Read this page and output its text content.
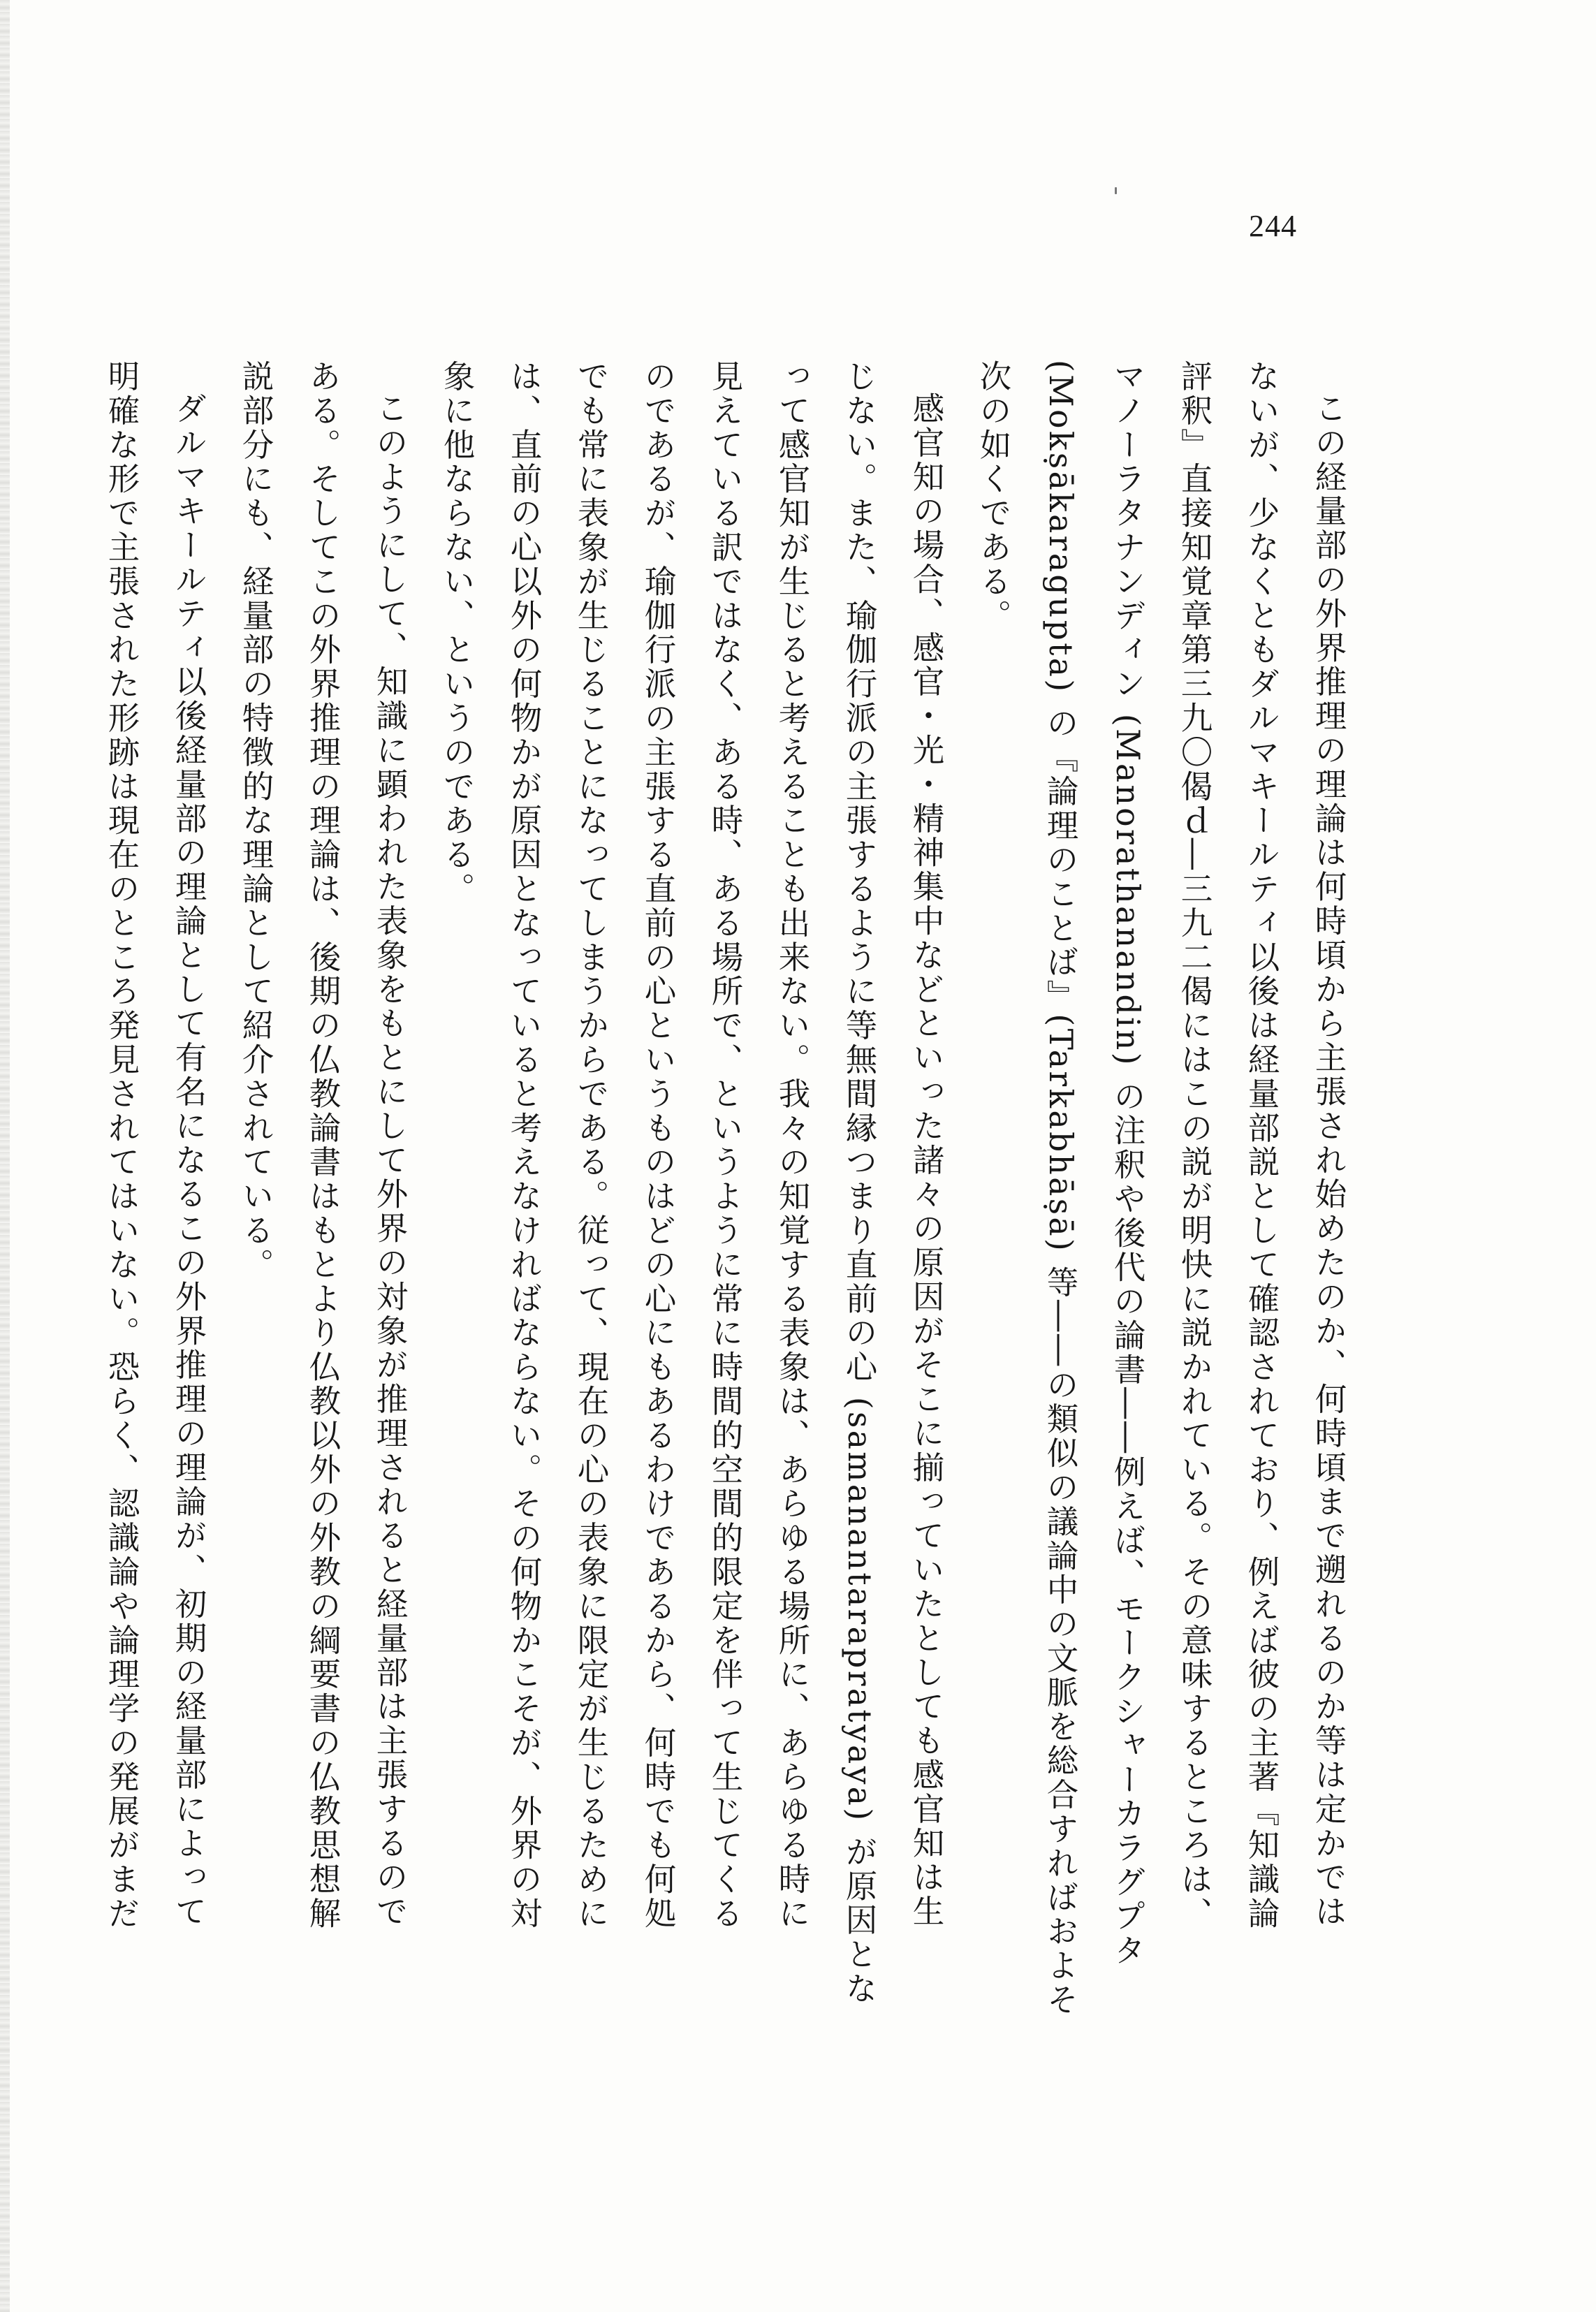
244

この経量部の外界推理の理論は何時頃から主張され始めたのか、何時頃まで遡れるのか等は定かでは
ないが、少なくともダルマキールティ以後は経量部説として確認されており、例えば彼の主著『知識論
評釈』直接知覚章第三九〇偈ｄ―三九二偈にはこの説が明快に説かれている。その意味するところは、
マノーラタナンディン (Manorathanandin) の注釈や後代の論書――例えば、モークシャーカラグプタ
(Mokṣākaragupta) の『論理のことば』(Tarkabhāṣā) 等――の類似の議論中の文脈を総合すればおよそ
次の如くである。

感官知の場合、感官・光・精神集中などといった諸々の原因がそこに揃っていたとしても感官知は生
じない。また、瑜伽行派の主張するように等無間縁つまり直前の心 (samanantarapratyaya) が原因とな
って感官知が生じると考えることも出来ない。我々の知覚する表象は、あらゆる場所に、あらゆる時に
見えている訳ではなく、ある時、ある場所で、というように常に時間的空間的限定を伴って生じてくる
のであるが、瑜伽行派の主張する直前の心というものはどの心にもあるわけであるから、何時でも何処
でも常に表象が生じることになってしまうからである。従って、現在の心の表象に限定が生じるために
は、直前の心以外の何物かが原因となっていると考えなければならない。その何物かこそが、外界の対
象に他ならない、というのである。

このようにして、知識に顕われた表象をもとにして外界の対象が推理されると経量部は主張するので
ある。そしてこの外界推理の理論は、後期の仏教論書はもとより仏教以外の外教の綱要書の仏教思想解
説部分にも、経量部の特徴的な理論として紹介されている。

ダルマキールティ以後経量部の理論として有名になるこの外界推理の理論が、初期の経量部によって
明確な形で主張された形跡は現在のところ発見されてはいない。恐らく、認識論や論理学の発展がまだ
